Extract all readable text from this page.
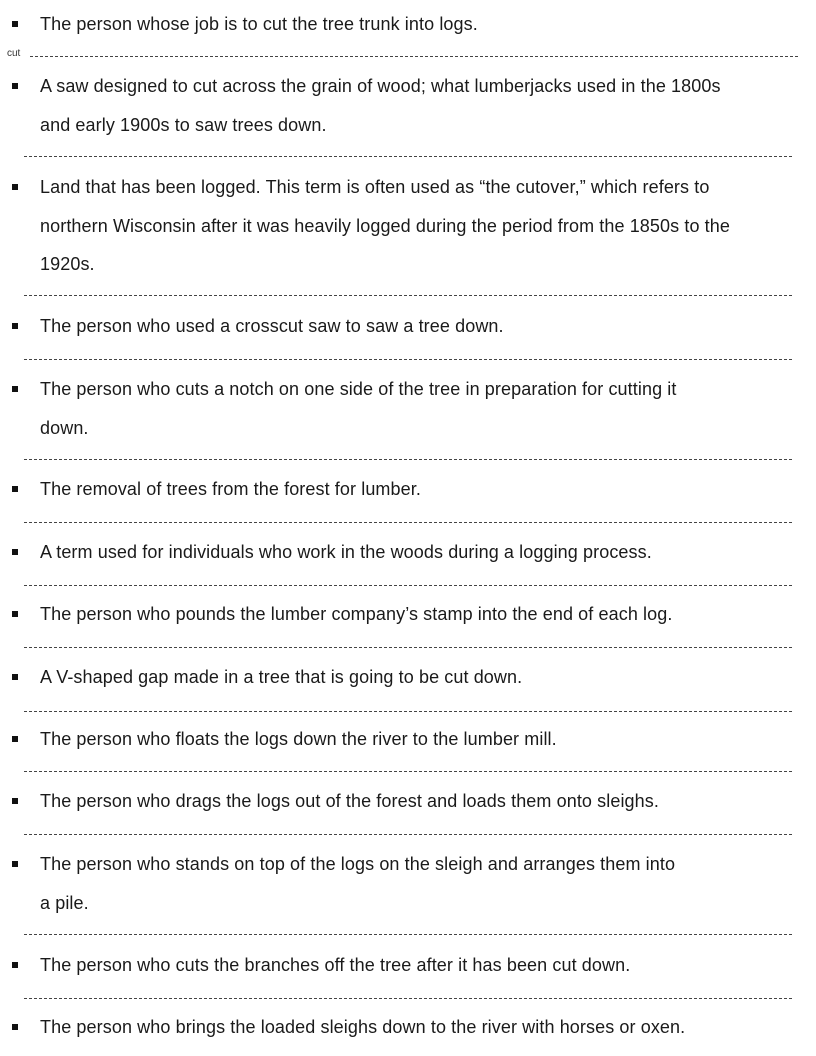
cut
The person whose job is to cut the tree trunk into logs.
A saw designed to cut across the grain of wood; what lumberjacks used in the 1800s and early 1900s to saw trees down.
Land that has been logged. This term is often used as “the cutover,” which refers to northern Wisconsin after it was heavily logged during the period from the 1850s to the 1920s.
The person who used a crosscut saw to saw a tree down.
The person who cuts a notch on one side of the tree in preparation for cutting it down.
The removal of trees from the forest for lumber.
A term used for individuals who work in the woods during a logging process.
The person who pounds the lumber company’s stamp into the end of each log.
A V-shaped gap made in a tree that is going to be cut down.
The person who floats the logs down the river to the lumber mill.
The person who drags the logs out of the forest and loads them onto sleighs.
The person who stands on top of the logs on the sleigh and arranges them into a pile.
The person who cuts the branches off the tree after it has been cut down.
The person who brings the loaded sleighs down to the river with horses or oxen.
